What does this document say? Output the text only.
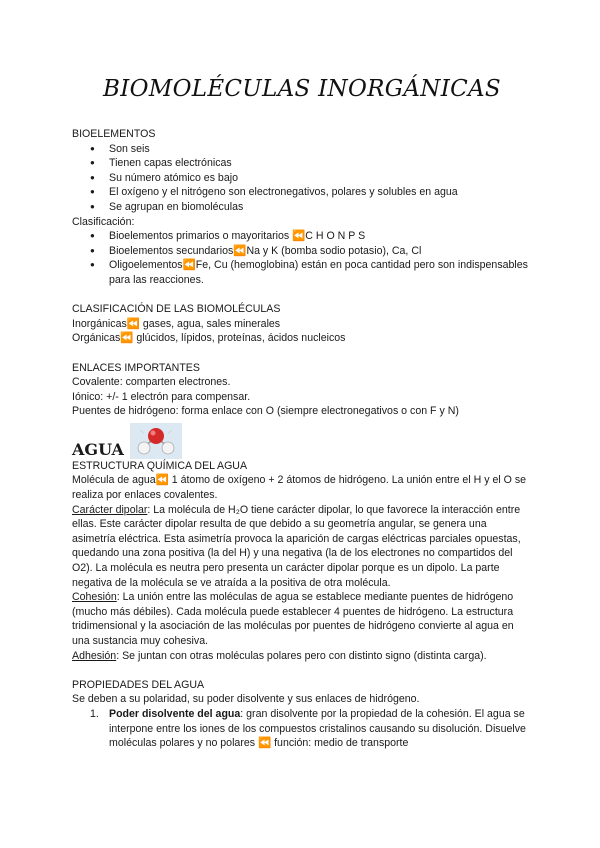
BIOMOLÉCULAS INORGÁNICAS

BIOELEMENTOS

● Son seis
● Tienen capas electrónicas
● Su número atómico es bajo
● El oxígeno y el nitrógeno son electronegativos, polares y solubles en agua
● Se agrupan en biomoléculas

Clasificación:

● Bioelementos primarios o mayoritarios ⏪C H O N P S
● Bioelementos secundarios⏪Na y K (bomba sodio potasio), Ca, Cl
● Oligoelementos⏪Fe, Cu (hemoglobina) están en poca cantidad pero son indispensables para las reacciones.

CLASIFICACIÓN DE LAS BIOMOLÉCULAS

Inorgánicas⏪ gases, agua, sales minerales

Orgánicas⏪ glúcidos, lípidos, proteínas, ácidos nucleicos

ENLACES IMPORTANTES

Covalente: comparten electrones.

Iónico: +/- 1 electrón para compensar.

Puentes de hidrógeno: forma enlace con O (siempre electronegativos o con F y N)

AGUA

ESTRUCTURA QUÍMICA DEL AGUA

Molécula de agua⏪ 1 átomo de oxígeno + 2 átomos de hidrógeno. La unión entre el H y el O se realiza por enlaces covalentes.

Carácter dipolar: La molécula de H₂O tiene carácter dipolar, lo que favorece la interacción entre ellas. Este carácter dipolar resulta de que debido a su geometría angular, se genera una asimetría eléctrica. Esta asimetría provoca la aparición de cargas eléctricas parciales opuestas, quedando una zona positiva (la del H) y una negativa (la de los electrones no compartidos del O2). La molécula es neutra pero presenta un carácter dipolar porque es un dipolo. La parte negativa de la molécula se ve atraída a la positiva de otra molécula.

Cohesión: La unión entre las moléculas de agua se establece mediante puentes de hidrógeno (mucho más débiles). Cada molécula puede establecer 4 puentes de hidrógeno. La estructura tridimensional y la asociación de las moléculas por puentes de hidrógeno convierte al agua en una sustancia muy cohesiva.

Adhesión: Se juntan con otras moléculas polares pero con distinto signo (distinta carga).

PROPIEDADES DEL AGUA

Se deben a su polaridad, su poder disolvente y sus enlaces de hidrógeno.

1. Poder disolvente del agua: gran disolvente por la propiedad de la cohesión. El agua se interpone entre los iones de los compuestos cristalinos causando su disolución. Disuelve moléculas polares y no polares ⏪ función: medio de transporte
